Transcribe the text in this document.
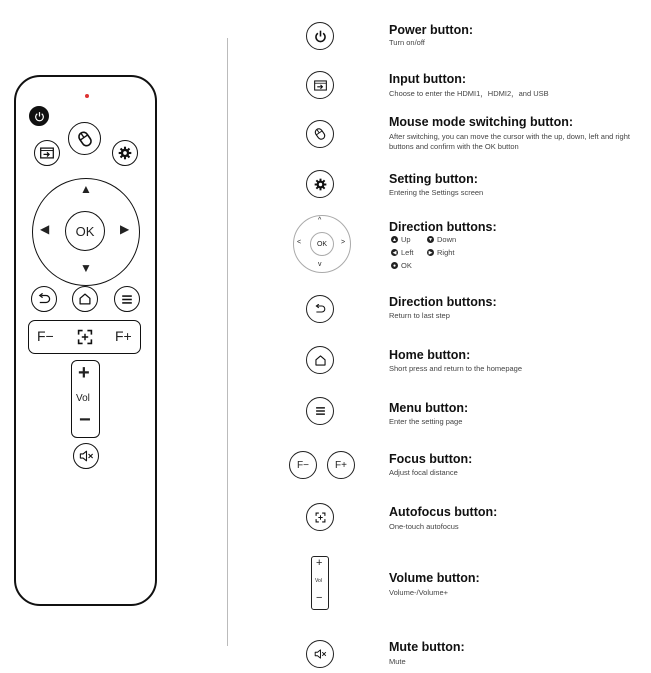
▲
▼
◀	▶
OK
F−	F+
+
Vol
−
^
v
<	>
OK
F−	F+
+
Vol
−
Power button:
Turn on/off
Input button:
Choose to enter the HDMI1，HDMI2，and USB
Mouse mode switching button:
After switching, you can move the cursor with the up, down, left and right buttons and confirm with the OK button
Setting button:
Entering the Settings screen
Direction buttons:
▲ Up	▼ Down
◀ Left	▶ Right
● OK
Direction buttons:
Return to last step
Home button:
Short press and return to the homepage
Menu button:
Enter the setting page
Focus button:
Adjust focal distance
Autofocus button:
One-touch autofocus
Volume button:
Volume-/Volume+
Mute button:
Mute
